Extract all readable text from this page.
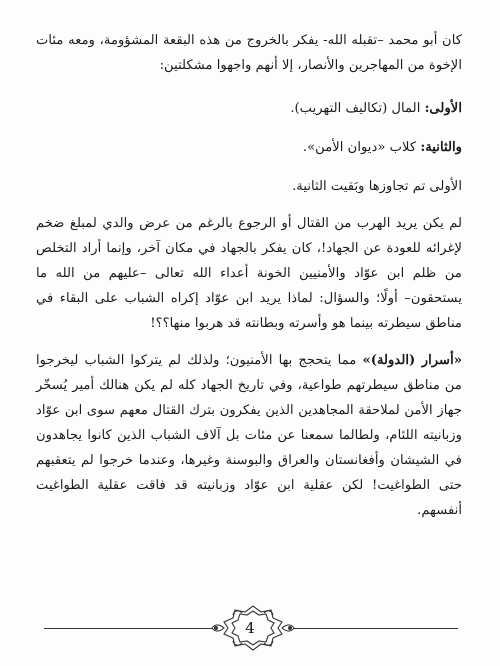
كان أبو محمد –تقبله الله- يفكر بالخروج من هذه البقعة المشؤومة، ومعه مئات الإخوة من المهاجرين والأنصار، إلا أنهم واجهوا مشكلتين:

الأولى: المال (تكاليف التهريب).

والثانية: كلاب «ديوان الأمن».

الأولى تم تجاوزها وبَقيت الثانية.

لم يكن يريد الهرب من القتال أو الرجوع بالرغم من عرض والدي لمبلغ ضخم لإغرائه للعودة عن الجهاد!، كان يفكر بالجهاد في مكان آخر، وإنما أراد التخلص من ظلم ابن عوّاد والأمنيين الخونة أعداء الله تعالى –عليهم من الله ما يستحقون– أولًا؛ والسؤال: لماذا يريد ابن عوّاد إكراه الشباب على البقاء في مناطق سيطرته بينما هو وأسرته وبطانته قد هربوا منها؟؟!

«أسرار (الدولة)» مما يتحجج بها الأمنيون؛ ولذلك لم يتركوا الشباب ليخرجوا من مناطق سيطرتهم طواعية، وفي تاريخ الجهاد كله لم يكن هنالك أمير يُسخّر جهاز الأمن لملاحقة المجاهدين الذين يفكرون بترك القتال معهم سوى ابن عوّاد وزبانيته اللئام، ولطالما سمعنا عن مئات بل آلاف الشباب الذين كانوا يجاهدون في الشيشان وأفغانستان والعراق والبوسنة وغيرها، وعندما خرجوا لم يتعقبهم حتى الطواغيت! لكن عقلية ابن عوّاد وزبانيته قد فاقت عقلية الطواغيت أنفسهم.

4
